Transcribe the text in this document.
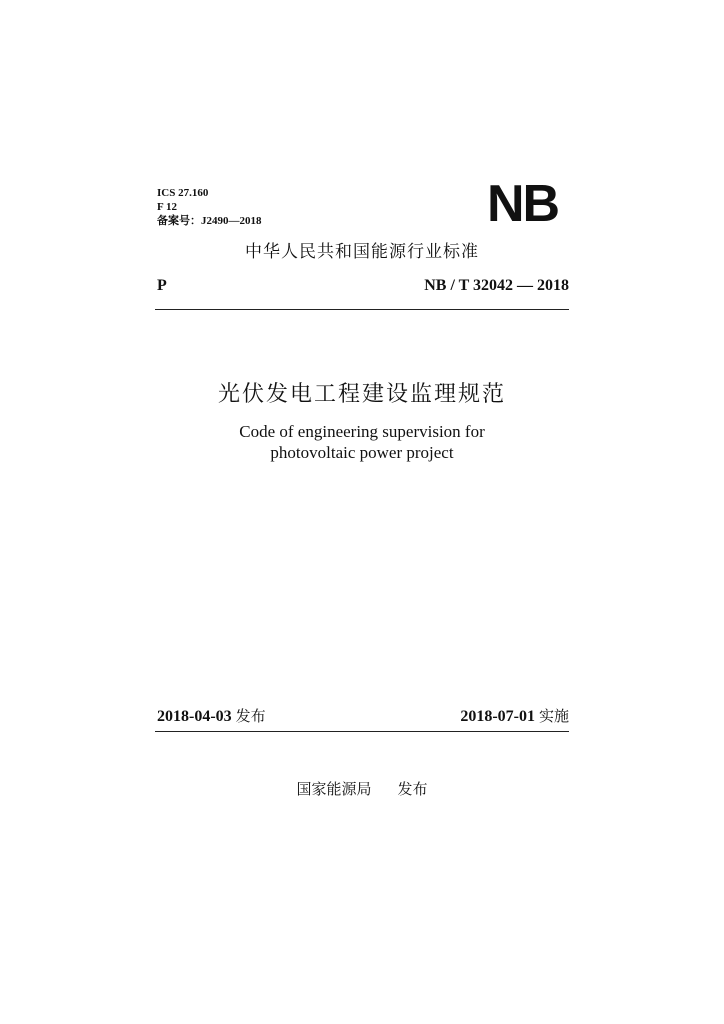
ICS 27.160
F 12
备案号：J2490—2018	NB
中华人民共和国能源行业标准
P	NB / T 32042 — 2018
光伏发电工程建设监理规范
Code of engineering supervision for
photovoltaic power project
2018-04-03 发布	2018-07-01 实施
国家能源局 发布
